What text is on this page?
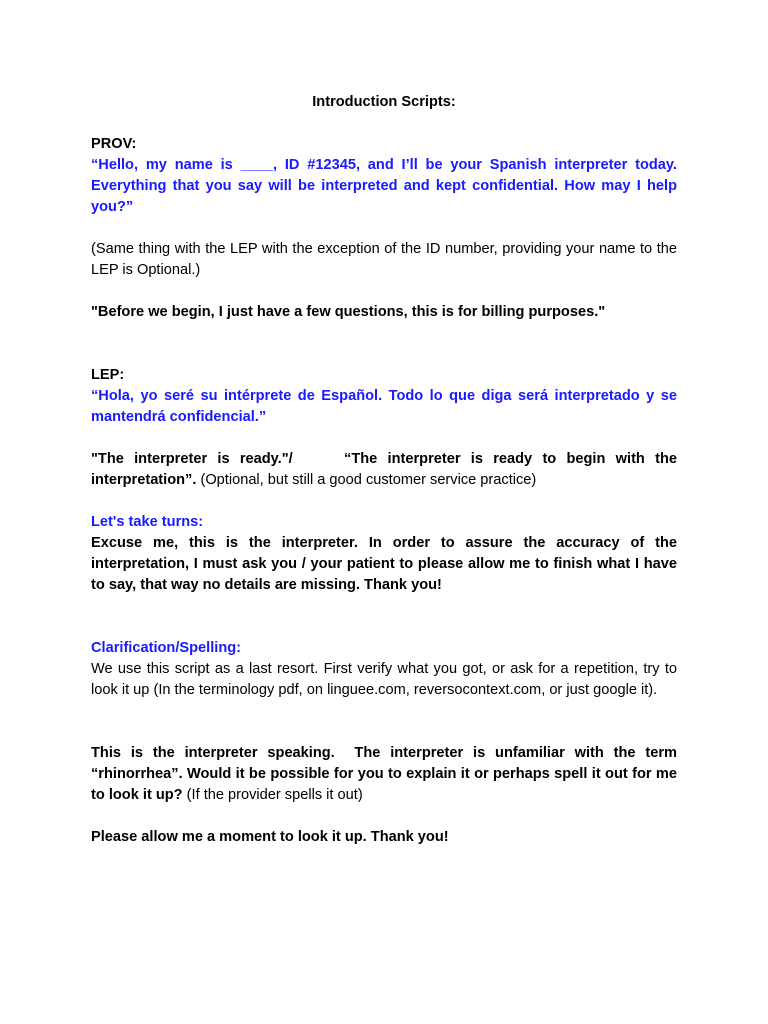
Introduction Scripts:

PROV:

“Hello, my name is ____, ID #12345, and I’ll be your Spanish interpreter today. Everything that you say will be interpreted and kept confidential. How may I help you?”

(Same thing with the LEP with the exception of the ID number, providing your name to the LEP is Optional.)

"Before we begin, I just have a few questions, this is for billing purposes."

LEP:

“Hola, yo seré su intérprete de Español. Todo lo que diga será interpretado y se mantendrá confidencial.”

"The interpreter is ready."/     “The interpreter is ready to begin with the interpretation”. (Optional, but still a good customer service practice)

Let's take turns:

Excuse me, this is the interpreter. In order to assure the accuracy of the interpretation, I must ask you / your patient to please allow me to finish what I have to say, that way no details are missing. Thank you!

Clarification/Spelling:

We use this script as a last resort. First verify what you got, or ask for a repetition, try to look it up (In the terminology pdf, on linguee.com, reversocontext.com, or just google it).

This is the interpreter speaking.  The interpreter is unfamiliar with the term “rhinorrhea”. Would it be possible for you to explain it or perhaps spell it out for me to look it up? (If the provider spells it out)

Please allow me a moment to look it up. Thank you!
